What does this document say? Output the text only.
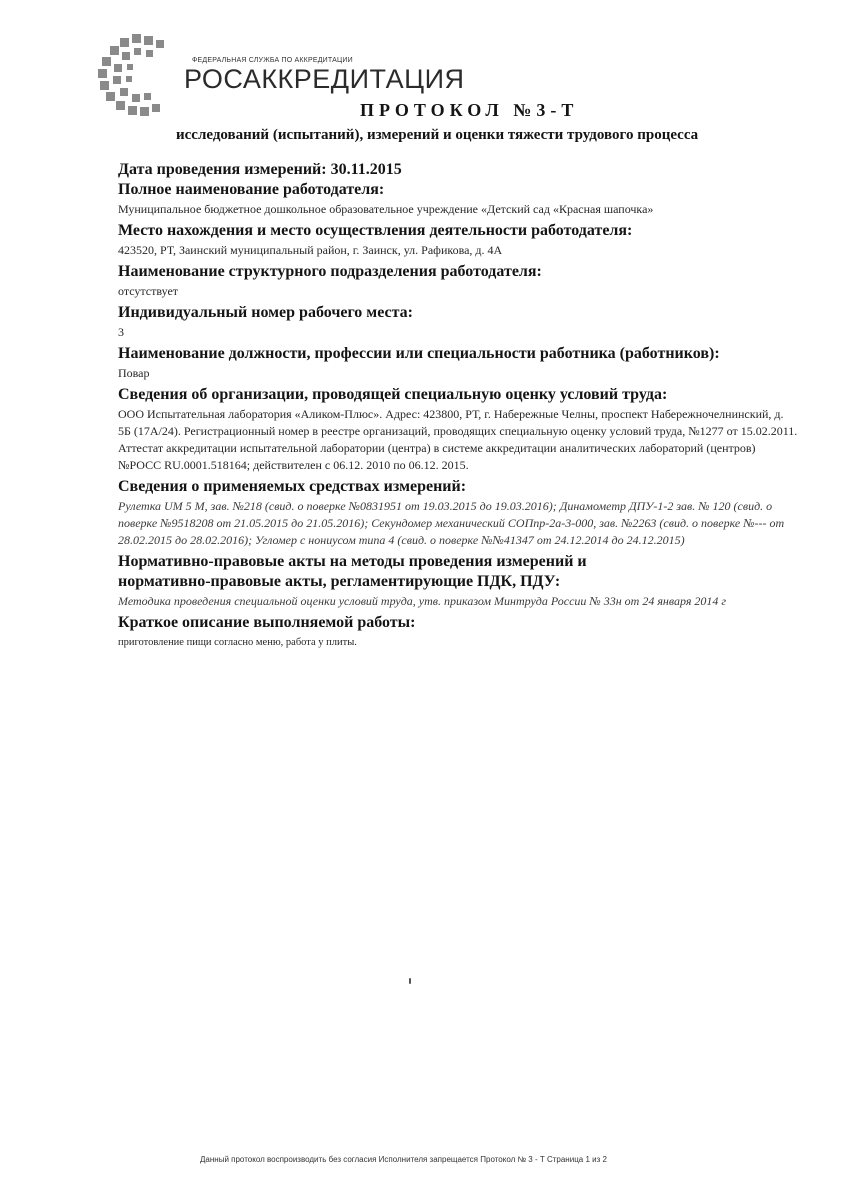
ФЕДЕРАЛЬНАЯ СЛУЖБА ПО АККРЕДИТАЦИИ
РОСАККРЕДИТАЦИЯ
ПРОТОКОЛ №3-Т
исследований (испытаний), измерений и оценки тяжести трудового процесса

Дата проведения измерений: 30.11.2015

Полное наименование работодателя:

Муниципальное бюджетное дошкольное образовательное учреждение «Детский сад «Красная шапочка»

Место нахождения и место осуществления деятельности работодателя:

423520, РТ, Заинский муниципальный район, г. Заинск, ул. Рафикова, д. 4А

Наименование структурного подразделения работодателя:

отсутствует

Индивидуальный номер рабочего места:

3

Наименование должности, профессии или специальности работника (работников):

Повар

Сведения об организации, проводящей специальную оценку условий труда:

ООО Испытательная лаборатория «Аликом-Плюс». Адрес: 423800, РТ, г. Набережные Челны, проспект Набережночелнинский, д. 5Б (17А/24). Регистрационный номер в реестре организаций, проводящих специальную оценку условий труда, №1277 от 15.02.2011. Аттестат аккредитации испытательной лаборатории (центра) в системе аккредитации аналитических лабораторий (центров) №РОСС RU.0001.518164; действителен с 06.12. 2010 по 06.12. 2015.

Сведения о применяемых средствах измерений:

Рулетка UM 5 M, зав. №218 (свид. о поверке №0831951 от 19.03.2015 до 19.03.2016); Динамометр ДПУ-1-2 зав. № 120 (свид. о поверке №9518208 от 21.05.2015 до 21.05.2016); Секундомер механический СОПпр-2а-3-000, зав. №2263 (свид. о поверке №--- от 28.02.2015 до 28.02.2016); Угломер с нониусом типа 4 (свид. о поверке №№41347 от 24.12.2014 до 24.12.2015)

Нормативно-правовые акты на методы проведения измерений и

нормативно-правовые акты, регламентирующие ПДК, ПДУ:

Методика проведения специальной оценки условий труда, утв. приказом Минтруда России № 33н от 24 января 2014 г

Краткое описание выполняемой работы:

приготовление пищи согласно меню, работа у плиты.

Данный протокол воспроизводить без согласия Исполнителя запрещается Протокол № 3 - Т Страница 1 из 2
